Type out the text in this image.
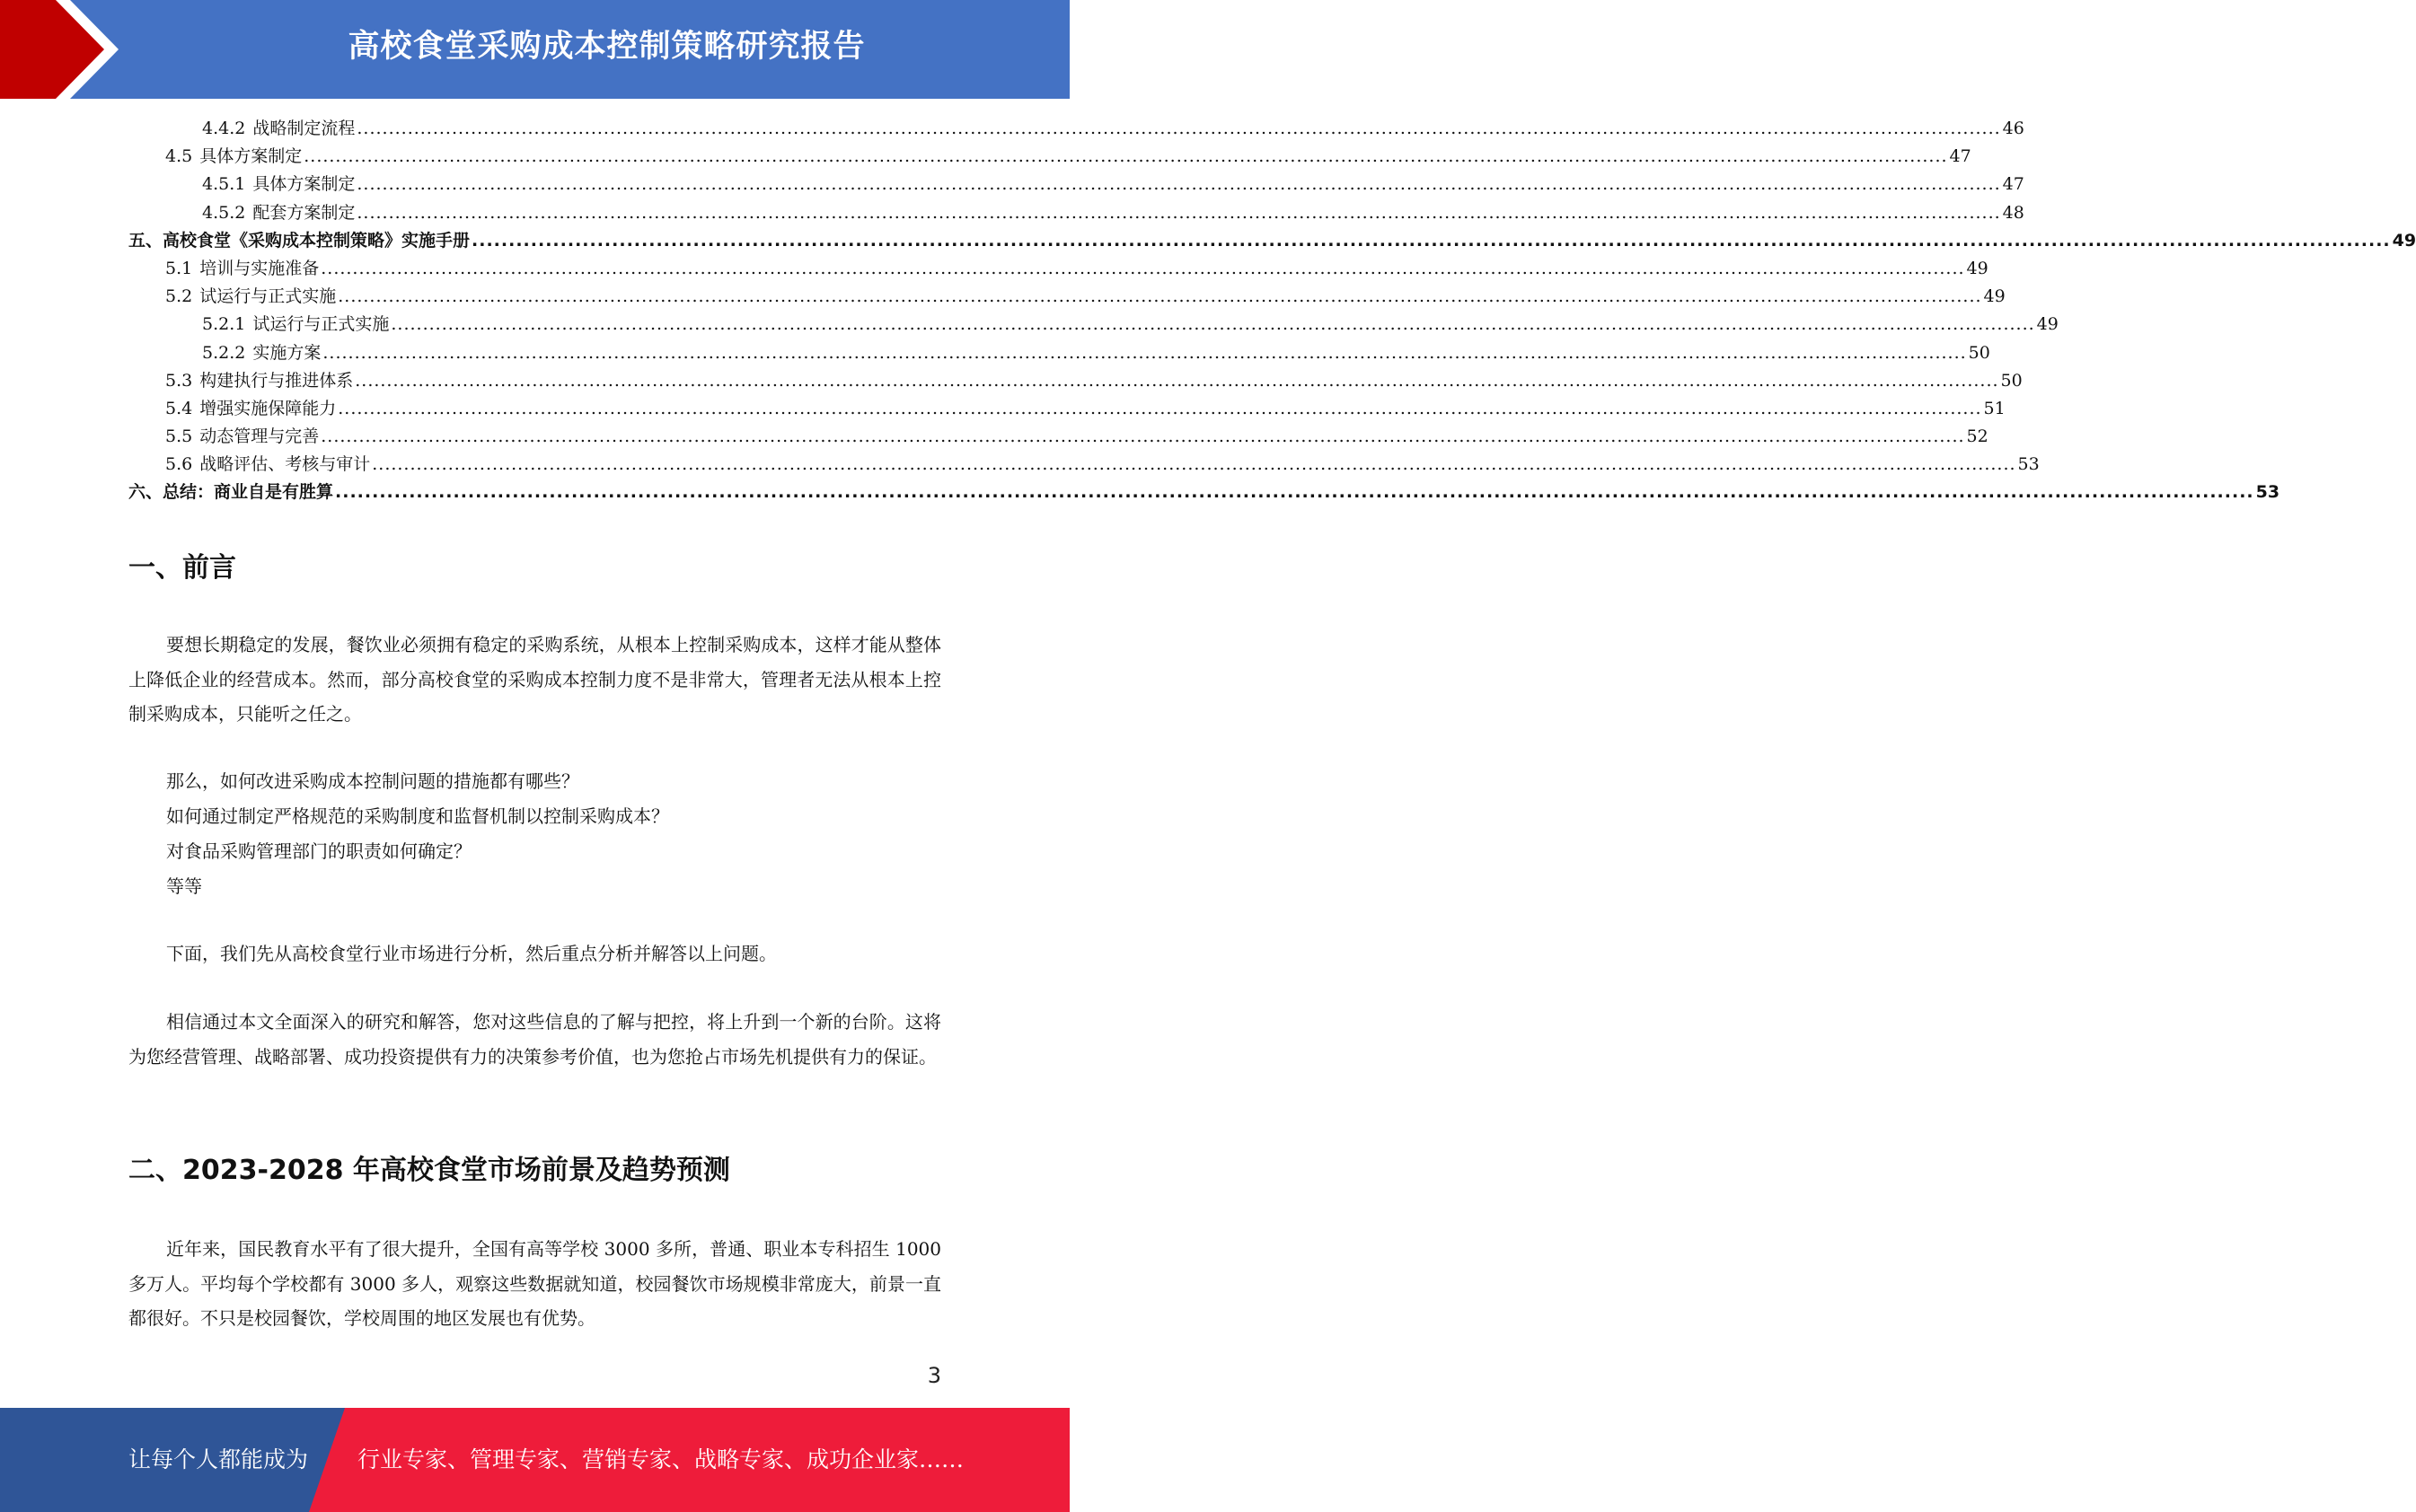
高校食堂采购成本控制策略研究报告
4.4.2 战略制定流程 .................................................................................................................................................................................................................................................................... 46
4.5 具体方案制定 .................................................................................................................................................................................................................................................................... 47
4.5.1 具体方案制定 .................................................................................................................................................................................................................................................................... 47
4.5.2 配套方案制定 .................................................................................................................................................................................................................................................................... 48
五、高校食堂《采购成本控制策略》实施手册 .................................................................................................................................................................................................................................................................... 49
5.1 培训与实施准备 .................................................................................................................................................................................................................................................................... 49
5.2 试运行与正式实施 .................................................................................................................................................................................................................................................................... 49
5.2.1 试运行与正式实施 .................................................................................................................................................................................................................................................................... 49
5.2.2 实施方案 .................................................................................................................................................................................................................................................................... 50
5.3 构建执行与推进体系 .................................................................................................................................................................................................................................................................... 50
5.4 增强实施保障能力 .................................................................................................................................................................................................................................................................... 51
5.5 动态管理与完善 .................................................................................................................................................................................................................................................................... 52
5.6 战略评估、考核与审计 .................................................................................................................................................................................................................................................................... 53
六、总结：商业自是有胜算 .................................................................................................................................................................................................................................................................... 53
一、前言
要想长期稳定的发展，餐饮业必须拥有稳定的采购系统，从根本上控制采购成本，这样才能从整体上降低企业的经营成本。然而，部分高校食堂的采购成本控制力度不是非常大，管理者无法从根本上控制采购成本，只能听之任之。
那么，如何改进采购成本控制问题的措施都有哪些？
如何通过制定严格规范的采购制度和监督机制以控制采购成本？
对食品采购管理部门的职责如何确定？
等等
下面，我们先从高校食堂行业市场进行分析，然后重点分析并解答以上问题。
相信通过本文全面深入的研究和解答，您对这些信息的了解与把控，将上升到一个新的台阶。这将为您经营管理、战略部署、成功投资提供有力的决策参考价值，也为您抢占市场先机提供有力的保证。
二、2023-2028 年高校食堂市场前景及趋势预测
近年来，国民教育水平有了很大提升，全国有高等学校 3000 多所，普通、职业本专科招生 1000 多万人。平均每个学校都有 3000 多人，观察这些数据就知道，校园餐饮市场规模非常庞大，前景一直都很好。不只是校园餐饮，学校周围的地区发展也有优势。
3
让每个人都能成为 行业专家、管理专家、营销专家、战略专家、成功企业家……
